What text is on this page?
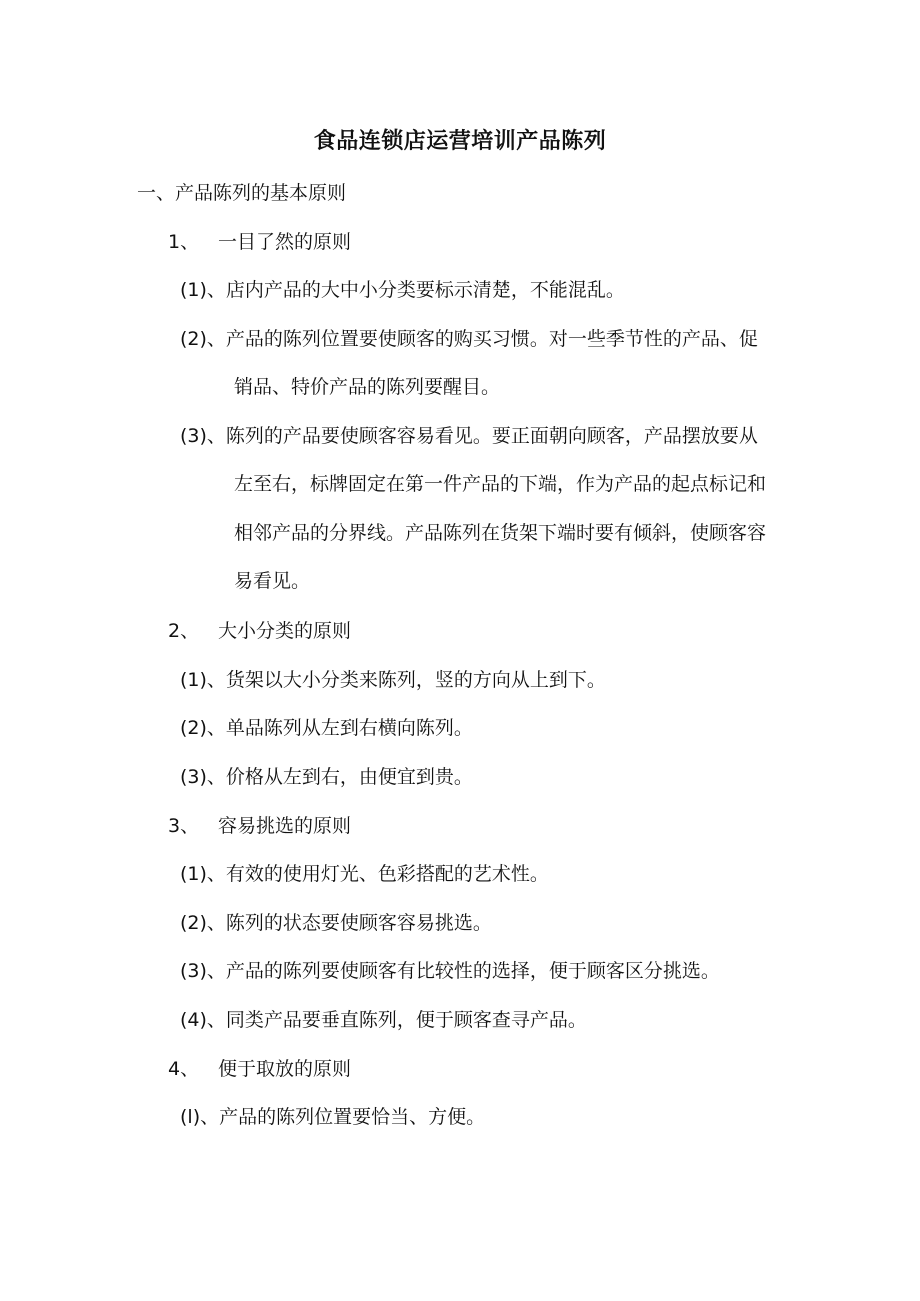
食品连锁店运营培训产品陈列
一、产品陈列的基本原则
1、 一目了然的原则
(1)、店内产品的大中小分类要标示清楚，不能混乱。
(2)、产品的陈列位置要使顾客的购买习惯。对一些季节性的产品、促
销品、特价产品的陈列要醒目。
(3)、陈列的产品要使顾客容易看见。要正面朝向顾客，产品摆放要从
左至右，标牌固定在第一件产品的下端，作为产品的起点标记和
相邻产品的分界线。产品陈列在货架下端时要有倾斜，使顾客容
易看见。
2、 大小分类的原则
(1)、货架以大小分类来陈列，竖的方向从上到下。
(2)、单品陈列从左到右横向陈列。
(3)、价格从左到右，由便宜到贵。
3、 容易挑选的原则
(1)、有效的使用灯光、色彩搭配的艺术性。
(2)、陈列的状态要使顾客容易挑选。
(3)、产品的陈列要使顾客有比较性的选择，便于顾客区分挑选。
(4)、同类产品要垂直陈列，便于顾客查寻产品。
4、 便于取放的原则
(l)、产品的陈列位置要恰当、方便。
